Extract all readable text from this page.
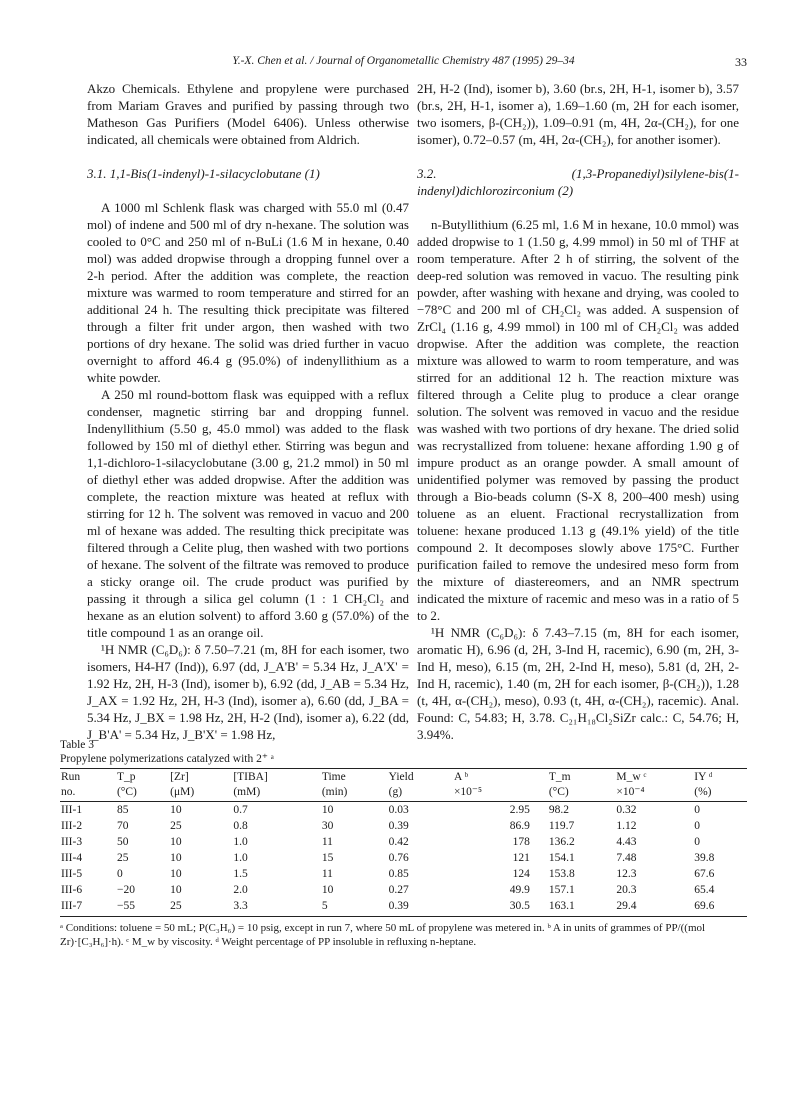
Y.-X. Chen et al. / Journal of Organometallic Chemistry 487 (1995) 29–34	33

Akzo Chemicals. Ethylene and propylene were purchased from Mariam Graves and purified by passing through two Matheson Gas Purifiers (Model 6406). Unless otherwise indicated, all chemicals were obtained from Aldrich.

3.1. 1,1-Bis(1-indenyl)-1-silacyclobutane (1)

A 1000 ml Schlenk flask was charged with 55.0 ml (0.47 mol) of indene and 500 ml of dry n-hexane. The solution was cooled to 0°C and 250 ml of n-BuLi (1.6 M in hexane, 0.40 mol) was added dropwise through a dropping funnel over a 2-h period. After the addition was complete, the reaction mixture was warmed to room temperature and stirred for an additional 24 h. The resulting thick precipitate was filtered through a filter frit under argon, then washed with two portions of dry hexane. The solid was dried further in vacuo overnight to afford 46.4 g (95.0%) of indenyllithium as a white powder.

A 250 ml round-bottom flask was equipped with a reflux condenser, magnetic stirring bar and dropping funnel. Indenyllithium (5.50 g, 45.0 mmol) was added to the flask followed by 150 ml of diethyl ether. Stirring was begun and 1,1-dichloro-1-silacyclobutane (3.00 g, 21.2 mmol) in 50 ml of diethyl ether was added dropwise. After the addition was complete, the reaction mixture was heated at reflux with stirring for 12 h. The solvent was removed in vacuo and 200 ml of hexane was added. The resulting thick precipitate was filtered through a Celite plug, then washed with two portions of hexane. The solvent of the filtrate was removed to produce a sticky orange oil. The crude product was purified by passing it through a silica gel column (1 : 1 CH₂Cl₂ and hexane as an elution solvent) to afford 3.60 g (57.0%) of the title compound 1 as an orange oil.

¹H NMR (C₆D₆): δ 7.50–7.21 (m, 8H for each isomer, two isomers, H4-H7 (Ind)), 6.97 (dd, J_A'B' = 5.34 Hz, J_A'X' = 1.92 Hz, 2H, H-3 (Ind), isomer b), 6.92 (dd, J_AB = 5.34 Hz, J_AX = 1.92 Hz, 2H, H-3 (Ind), isomer a), 6.60 (dd, J_BA = 5.34 Hz, J_BX = 1.98 Hz, 2H, H-2 (Ind), isomer a), 6.22 (dd, J_B'A' = 5.34 Hz, J_B'X' = 1.98 Hz,

2H, H-2 (Ind), isomer b), 3.60 (br.s, 2H, H-1, isomer b), 3.57 (br.s, 2H, H-1, isomer a), 1.69–1.60 (m, 2H for each isomer, two isomers, β-(CH₂)), 1.09–0.91 (m, 4H, 2α-(CH₂), for one isomer), 0.72–0.57 (m, 4H, 2α-(CH₂), for another isomer).

3.2. (1,3-Propanediyl)silylene-bis(1-indenyl)dichlorozirconium (2)

n-Butyllithium (6.25 ml, 1.6 M in hexane, 10.0 mmol) was added dropwise to 1 (1.50 g, 4.99 mmol) in 50 ml of THF at room temperature. After 2 h of stirring, the solvent of the deep-red solution was removed in vacuo. The resulting pink powder, after washing with hexane and drying, was cooled to −78°C and 200 ml of CH₂Cl₂ was added. A suspension of ZrCl₄ (1.16 g, 4.99 mmol) in 100 ml of CH₂Cl₂ was added dropwise. After the addition was complete, the reaction mixture was allowed to warm to room temperature, and was stirred for an additional 12 h. The reaction mixture was filtered through a Celite plug to produce a clear orange solution. The solvent was removed in vacuo and the residue was washed with two portions of dry hexane. The dried solid was recrystallized from toluene: hexane affording 1.90 g of impure product as an orange powder. A small amount of unidentified polymer was removed by passing the product through a Bio-beads column (S-X 8, 200–400 mesh) using toluene as an eluent. Fractional recrystallization from toluene: hexane produced 1.13 g (49.1% yield) of the title compound 2. It decomposes slowly above 175°C. Further purification failed to remove the undesired meso form from the mixture of diastereomers, and an NMR spectrum indicated the mixture of racemic and meso was in a ratio of 5 to 2.

¹H NMR (C₆D₆): δ 7.43–7.15 (m, 8H for each isomer, aromatic H), 6.96 (d, 2H, 3-Ind H, racemic), 6.90 (m, 2H, 3-Ind H, meso), 6.15 (m, 2H, 2-Ind H, meso), 5.81 (d, 2H, 2-Ind H, racemic), 1.40 (m, 2H for each isomer, β-(CH₂)), 1.28 (t, 4H, α-(CH₂), meso), 0.93 (t, 4H, α-(CH₂), racemic). Anal. Found: C, 54.83; H, 3.78. C₂₁H₁₈Cl₂SiZr calc.: C, 54.76; H, 3.94%.

Table 3

Propylene polymerizations catalyzed with 2⁺ ᵃ

Run	T_p	[Zr]	[TIBA]	Time	Yield	A ᵇ	T_m	M_w ᶜ	IY ᵈ
no.	(°C)	(μM)	(mM)	(min)	(g)	×10⁻⁵	(°C)	×10⁻⁴	(%)
III-1	85	10	0.7	10	0.03	2.95	98.2	0.32	0
III-2	70	25	0.8	30	0.39	86.9	119.7	1.12	0
III-3	50	10	1.0	11	0.42	178	136.2	4.43	0
III-4	25	10	1.0	15	0.76	121	154.1	7.48	39.8
III-5	0	10	1.5	11	0.85	124	153.8	12.3	67.6
III-6	−20	10	2.0	10	0.27	49.9	157.1	20.3	65.4
III-7	−55	25	3.3	5	0.39	30.5	163.1	29.4	69.6
ᵃ Conditions: toluene = 50 mL; P(C₃H₆) = 10 psig, except in run 7, where 50 mL of propylene was metered in. ᵇ A in units of grammes of PP/((mol Zr)·[C₃H₆]·h). ᶜ M_w by viscosity. ᵈ Weight percentage of PP insoluble in refluxing n-heptane.
